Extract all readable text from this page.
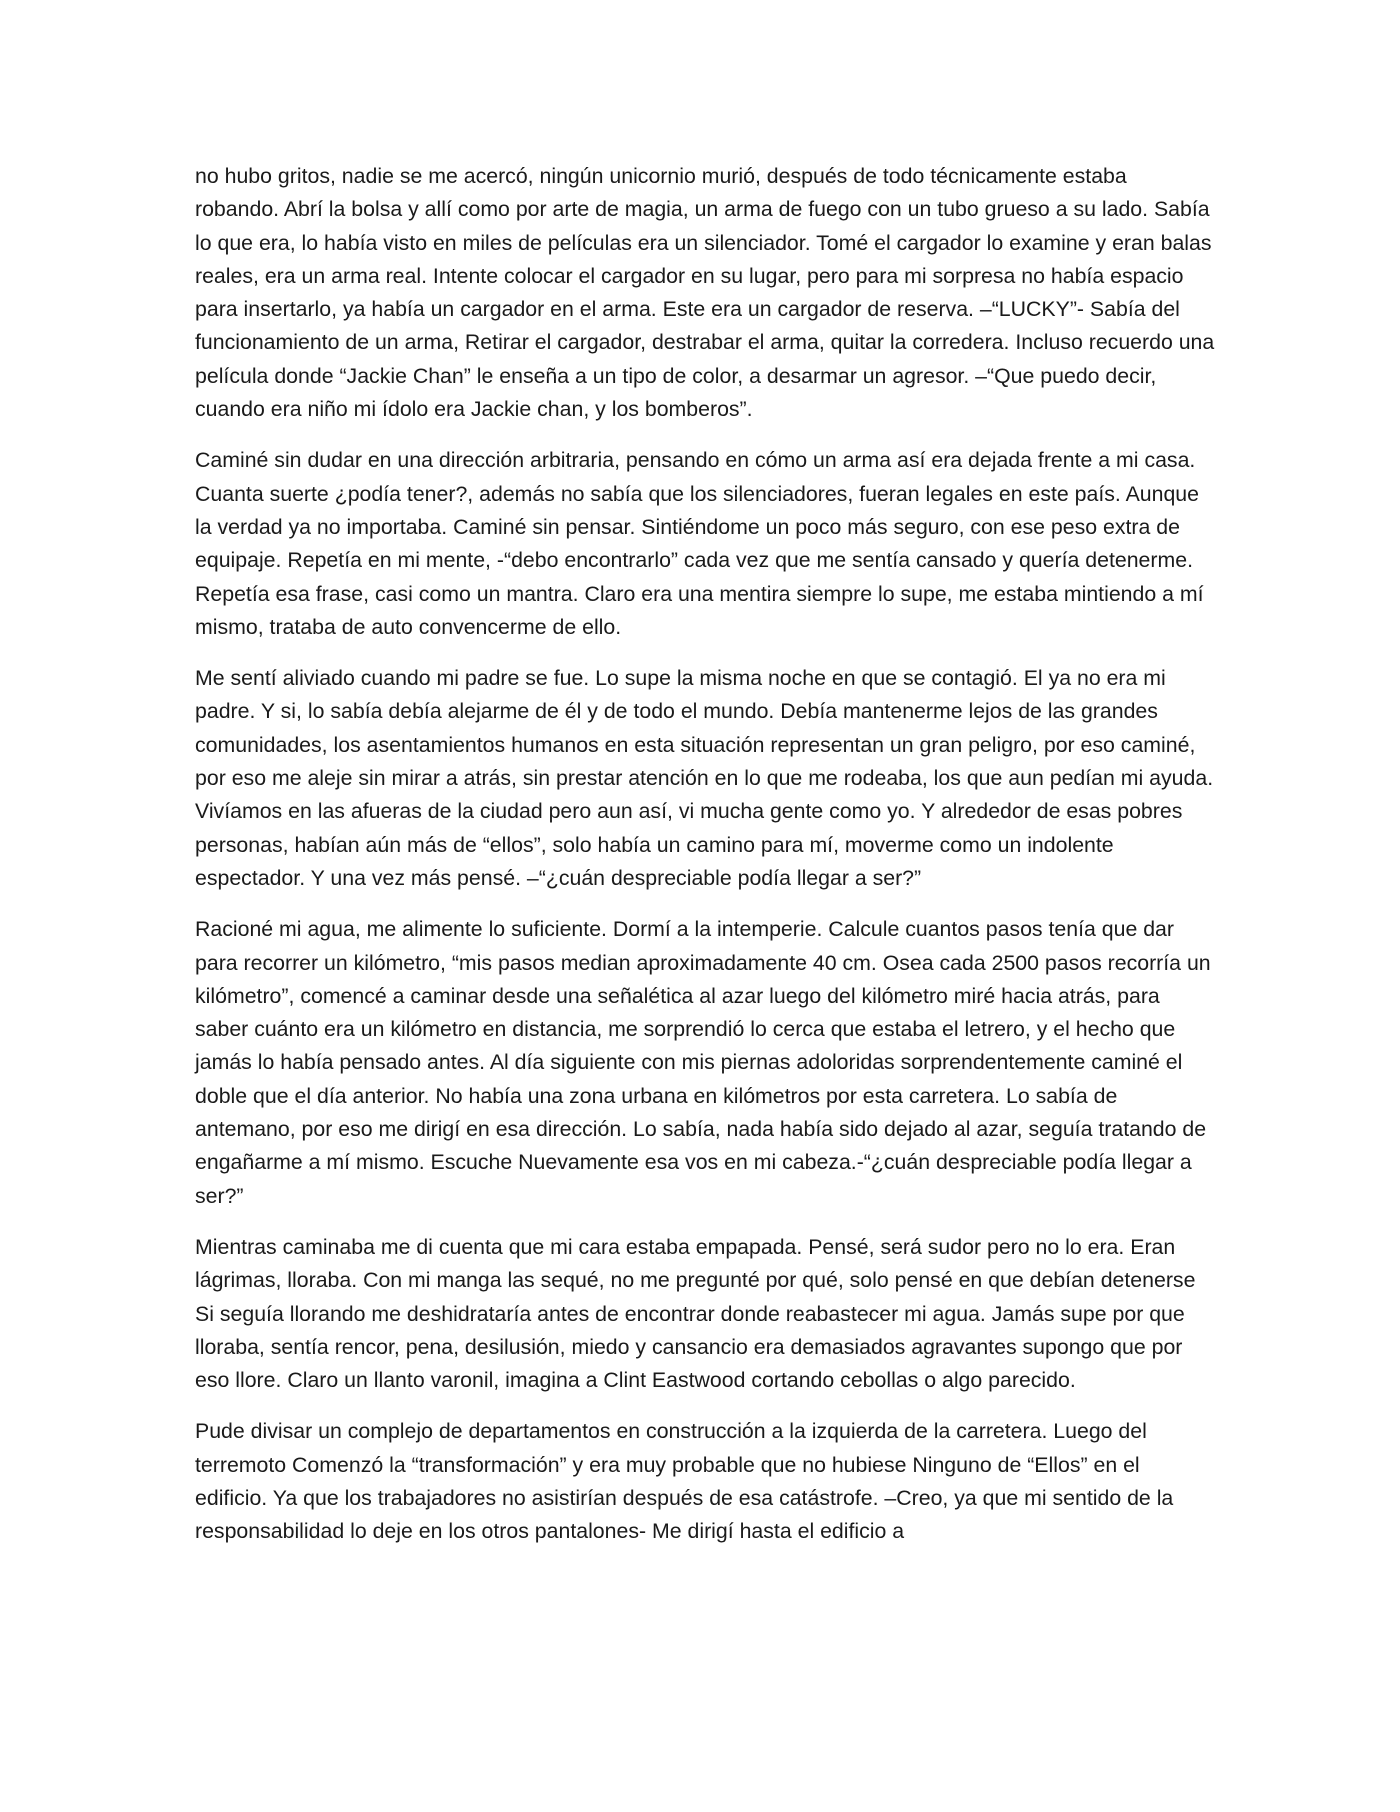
no hubo gritos, nadie se me acercó, ningún unicornio murió, después de todo técnicamente estaba robando. Abrí la bolsa y allí como por arte de magia, un arma de fuego con un tubo grueso a su lado. Sabía lo que era, lo había visto en miles de películas era un silenciador. Tomé el cargador lo examine y eran balas reales, era un arma real. Intente colocar el cargador en su lugar, pero para mi sorpresa no había espacio para insertarlo, ya había un cargador en el arma. Este era un cargador de reserva. –“LUCKY”- Sabía del funcionamiento de un arma, Retirar el cargador, destrabar el arma, quitar la corredera. Incluso recuerdo una película donde “Jackie Chan” le enseña a un tipo de color, a desarmar un agresor. –“Que puedo decir, cuando era niño mi ídolo era Jackie chan, y los bomberos”.

Caminé sin dudar en una dirección arbitraria, pensando en cómo un arma así era dejada frente a mi casa. Cuanta suerte ¿podía tener?, además no sabía que los silenciadores, fueran legales en este país. Aunque la verdad ya no importaba. Caminé sin pensar. Sintiéndome un poco más seguro, con ese peso extra de equipaje. Repetía en mi mente, -“debo encontrarlo” cada vez que me sentía cansado y quería detenerme. Repetía esa frase, casi como un mantra. Claro era una mentira siempre lo supe, me estaba mintiendo a mí mismo, trataba de auto convencerme de ello.

Me sentí aliviado cuando mi padre se fue. Lo supe la misma noche en que se contagió. El ya no era mi padre. Y si, lo sabía debía alejarme de él y de todo el mundo. Debía mantenerme lejos de las grandes comunidades, los asentamientos humanos en esta situación representan un gran peligro, por eso caminé, por eso me aleje sin mirar a atrás, sin prestar atención en lo que me rodeaba, los que aun pedían mi ayuda. Vivíamos en las afueras de la ciudad pero aun así, vi mucha gente como yo. Y alrededor de esas pobres personas, habían aún más de “ellos”, solo había un camino para mí, moverme como un indolente espectador. Y una vez más pensé. –“¿cuán despreciable podía llegar a ser?”

Racioné mi agua, me alimente lo suficiente. Dormí a la intemperie. Calcule cuantos pasos tenía que dar para recorrer un kilómetro, “mis pasos median aproximadamente 40 cm. Osea cada 2500 pasos recorría un kilómetro”, comencé a caminar desde una señalética al azar luego del kilómetro miré hacia atrás, para saber cuánto era un kilómetro en distancia, me sorprendió lo cerca que estaba el letrero, y el hecho que jamás lo había pensado antes. Al día siguiente con mis piernas adoloridas sorprendentemente caminé el doble que el día anterior. No había una zona urbana en kilómetros por esta carretera. Lo sabía de antemano, por eso me dirigí en esa dirección. Lo sabía, nada había sido dejado al azar, seguía tratando de engañarme a mí mismo. Escuche Nuevamente esa vos en mi cabeza.-“¿cuán despreciable podía llegar a ser?”

Mientras caminaba me di cuenta que mi cara estaba empapada. Pensé, será sudor pero no lo era. Eran lágrimas, lloraba. Con mi manga las sequé, no me pregunté por qué, solo pensé en que debían detenerse Si seguía llorando me deshidrataría antes de encontrar donde reabastecer mi agua. Jamás supe por que lloraba, sentía rencor, pena, desilusión, miedo y cansancio era demasiados agravantes supongo que por eso llore. Claro un llanto varonil, imagina a Clint Eastwood cortando cebollas o algo parecido.

Pude divisar un complejo de departamentos en construcción a la izquierda de la carretera. Luego del terremoto Comenzó la “transformación” y era muy probable que no hubiese Ninguno de “Ellos” en el edificio. Ya que los trabajadores no asistirían después de esa catástrofe. –Creo, ya que mi sentido de la responsabilidad lo deje en los otros pantalones- Me dirigí hasta el edificio a
